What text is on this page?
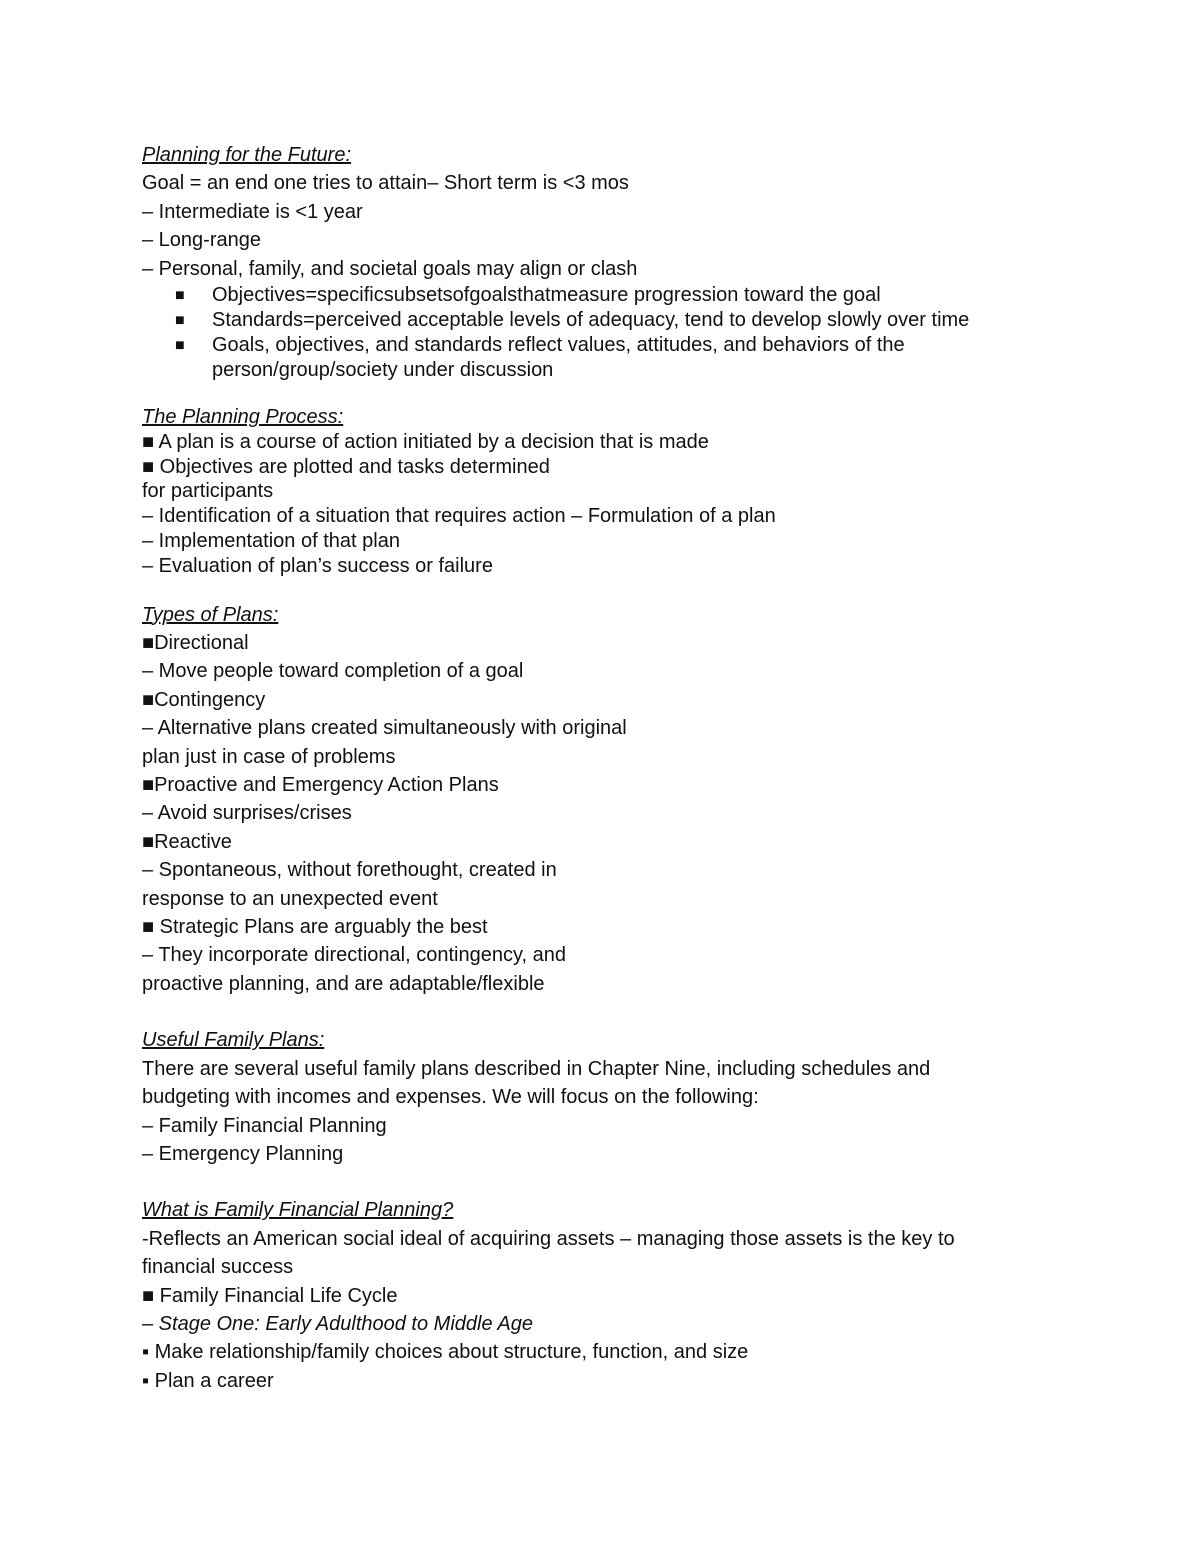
Planning for the Future:
Goal = an end one tries to attain– Short term is <3 mos
– Intermediate is <1 year
– Long-range
– Personal, family, and societal goals may align or clash
■ Objectives=specificsubsetsofgoalsthatmeasure progression toward the goal
■ Standards=perceived acceptable levels of adequacy, tend to develop slowly over time
■ Goals, objectives, and standards reflect values, attitudes, and behaviors of the person/group/society under discussion
The Planning Process:
■ A plan is a course of action initiated by a decision that is made
■ Objectives are plotted and tasks determined
for participants
– Identification of a situation that requires action – Formulation of a plan
– Implementation of that plan
– Evaluation of plan’s success or failure
Types of Plans:
■Directional
– Move people toward completion of a goal
■Contingency
– Alternative plans created simultaneously with original
plan just in case of problems
■Proactive and Emergency Action Plans
– Avoid surprises/crises
■Reactive
– Spontaneous, without forethought, created in
response to an unexpected event
■ Strategic Plans are arguably the best
– They incorporate directional, contingency, and
proactive planning, and are adaptable/flexible
Useful Family Plans:
There are several useful family plans described in Chapter Nine, including schedules and
budgeting with incomes and expenses. We will focus on the following:
– Family Financial Planning
– Emergency Planning
What is Family Financial Planning?
-Reflects an American social ideal of acquiring assets – managing those assets is the key to
financial success
■ Family Financial Life Cycle
– Stage One: Early Adulthood to Middle Age
▪ Make relationship/family choices about structure, function, and size
▪ Plan a career
